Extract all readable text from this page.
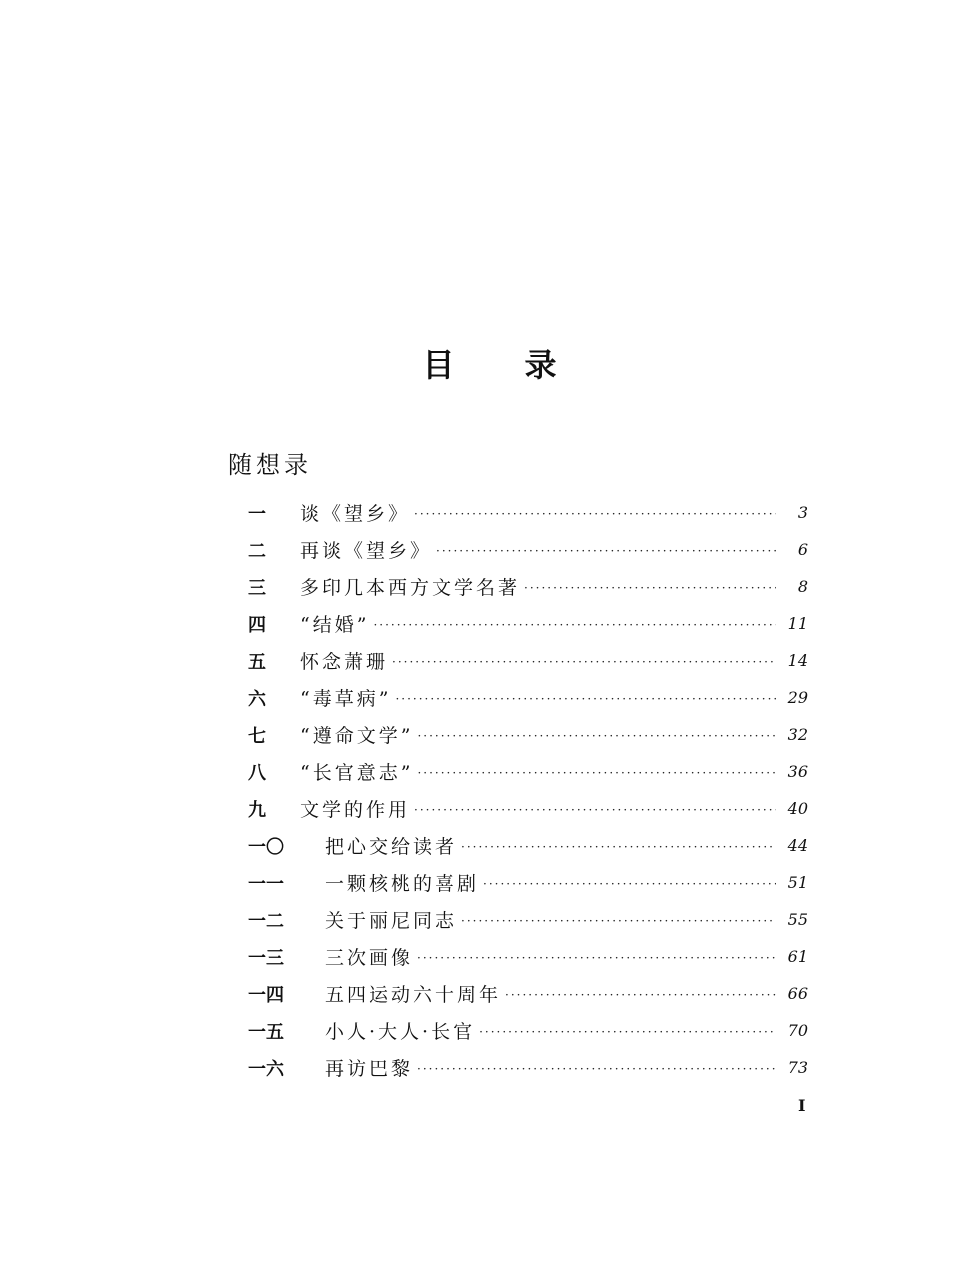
目 录
随想录
一	谈《望乡》 ·····	3
二	再谈《望乡》 ·····	6
三	多印几本西方文学名著 ·····	8
四	“结婚” ·····	11
五	怀念萧珊 ·····	14
六	“毒草病” ·····	29
七	“遵命文学” ·····	32
八	“长官意志” ·····	36
九	文学的作用 ·····	40
一〇	把心交给读者 ·····	44
一一	一颗核桃的喜剧 ·····	51
一二	关于丽尼同志 ·····	55
一三	三次画像 ·····	61
一四	五四运动六十周年 ·····	66
一五	小人·大人·长官 ·····	70
一六	再访巴黎 ·····	73
I
